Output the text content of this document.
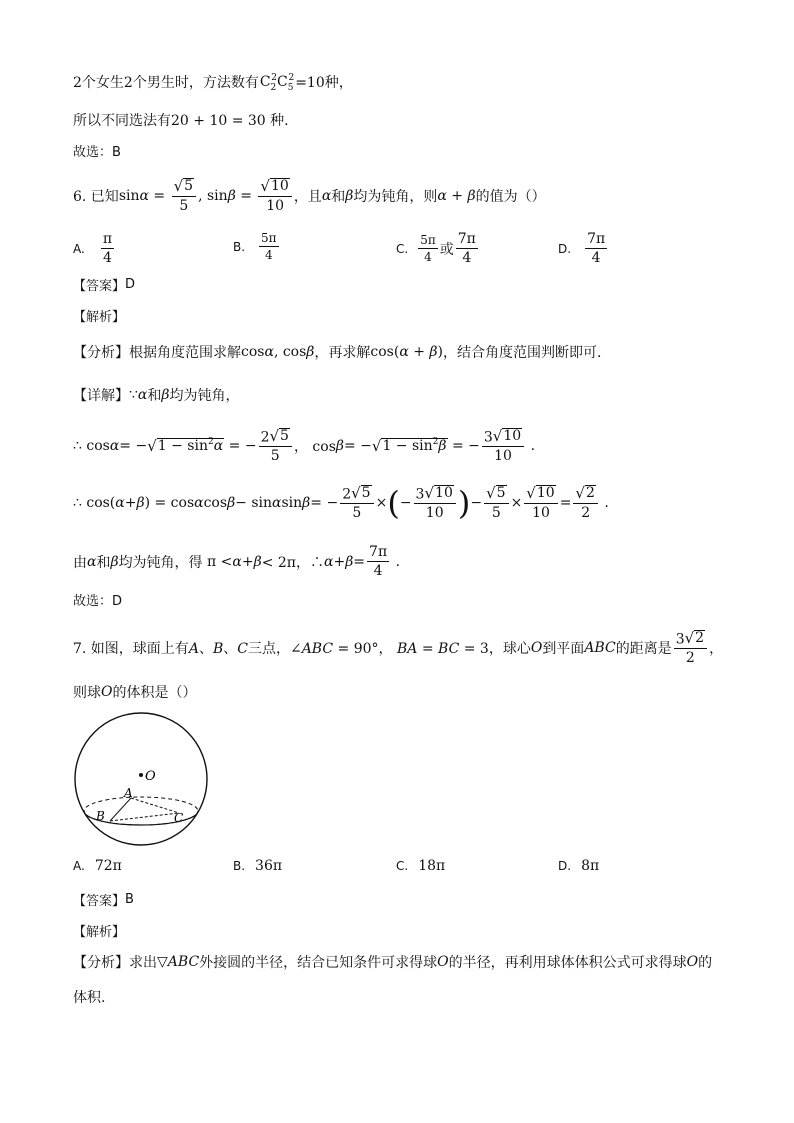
2个女生2个男生时，方法数有 $C_2^2C_5^2 =10$种，
所以不同选法有20 + 10 = 30 种.
故选：B
6. 已知 $\sin \alpha = \frac{√ 5}{5}$ , $\sin \beta = \frac{√ 10}{10}$ ，且 α 和 β 均为钝角，则 α + β 的值为（）
A. $\frac{\pi}{4}$	B. $\frac{5\pi}{4}$	C. $\frac{5\pi}{4}$ 或 $\frac{7\pi}{4}$	D. $\frac{7\pi}{4}$
【答案】 D
【解析】
【分析】 根据角度范围求解 cosα, cosβ ，再求解 cos(α + β) ，结合角度范围判断即可.
【详解】 ∵ α 和 β 均为钝角，
∴ cos α = − √ $1 - \sin^2\alpha$ = − $\frac{2 √ 5}{5}$ ， cos β = − √ $1 - \sin^2\beta$ = − $\frac{3 √ 10}{10}$ .
∴ cos( α + β ) = cos α cos β − sin α sin β = − $\frac{2 √ 5}{5}$ × ( − $\frac{3 √ 10}{10}$ ) − $\frac{√ 5}{5} \times \frac{√ 10}{10} = \frac{√ 2}{2}$ .
由 α 和 β 均为钝角，得 π < α + β < 2π，∴ $\alpha + \beta = \frac{7\pi}{4}$ .
故选：D
7. 如图，球面上有 A、B、C 三点， ∠ABC = 90°， BA = BC = 3 ，球心 O 到平面 ABC 的距离是 $\frac{3 √ 2}{2}$ ，
则球 O 的体积是（）
O
A
B	C
A. 72π	B. 36π	C. 18π	D. 8π
【答案】 B
【解析】
【分析】 求出 ▽ABC 外接圆的半径，结合已知条件可求得球 O 的半径，再利用球体体积公式可求得球 O 的
体积.
